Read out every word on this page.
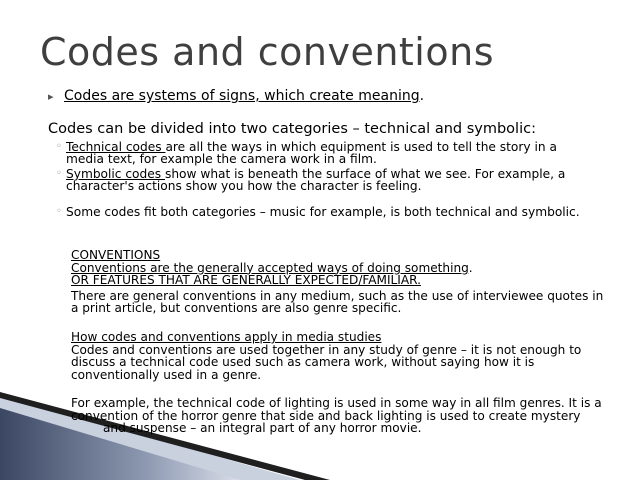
Codes and conventions
▸ Codes are systems of signs, which create meaning.
Codes can be divided into two categories – technical and symbolic:
◦ Technical codes are all the ways in which equipment is used to tell the story in a
media text, for example the camera work in a film.
◦ Symbolic codes show what is beneath the surface of what we see. For example, a
character's actions show you how the character is feeling.
◦ Some codes fit both categories – music for example, is both technical and symbolic.
CONVENTIONS
Conventions are the generally accepted ways of doing something.
OR FEATURES THAT ARE GENERALLY EXPECTED/FAMILIAR.
There are general conventions in any medium, such as the use of interviewee quotes in
a print article, but conventions are also genre specific.
How codes and conventions apply in media studies
Codes and conventions are used together in any study of genre – it is not enough to
discuss a technical code used such as camera work, without saying how it is
conventionally used in a genre.
For example, the technical code of lighting is used in some way in all film genres. It is a
convention of the horror genre that side and back lighting is used to create mystery
and suspense – an integral part of any horror movie.
